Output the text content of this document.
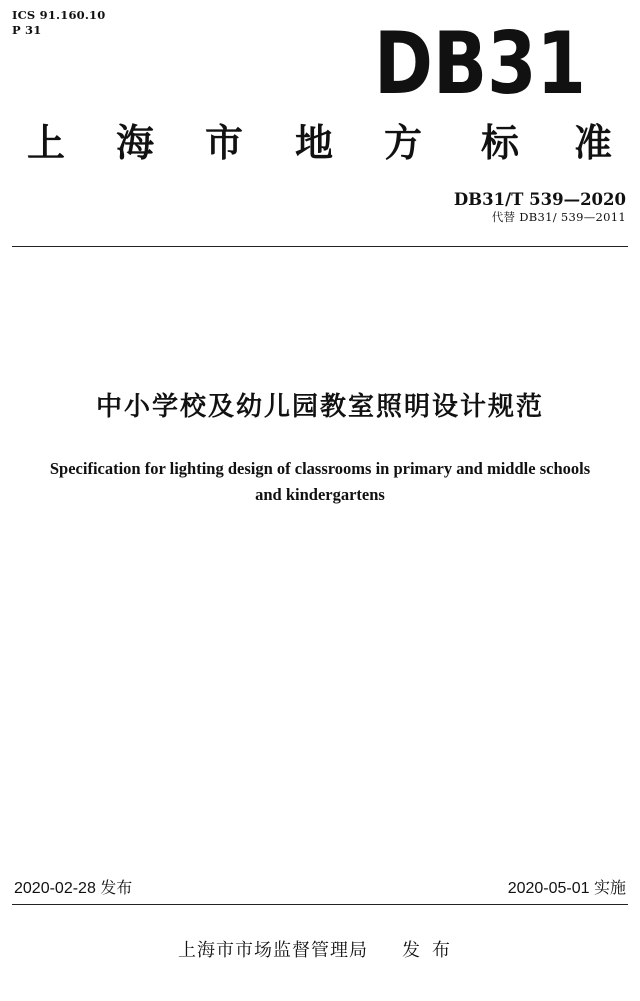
ICS 91.160.10
P 31	DB31
上 海 市 地 方 标 准
DB31/T 539—2020
代替 DB31/ 539—2011
中小学校及幼儿园教室照明设计规范
Specification for lighting design of classrooms in primary and middle schools
and kindergartens
2020-02-28 发布	2020-05-01 实施
上海市市场监督管理局 发布
